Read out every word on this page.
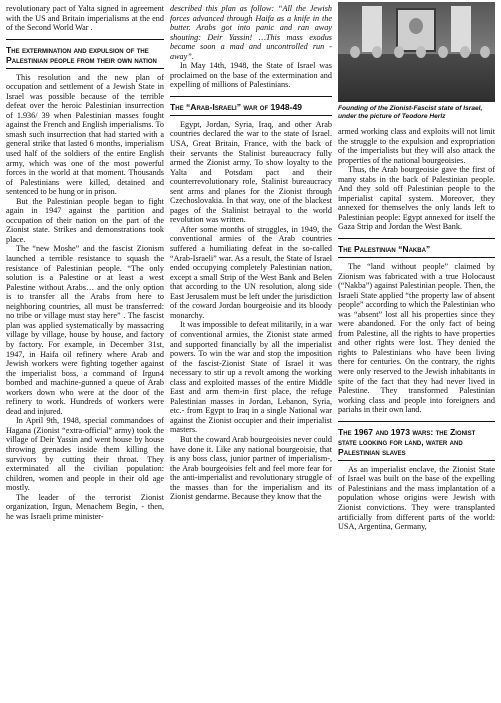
revolutionary pact of Yalta signed in agreement with the US and Britain imperialisms at the end of the Second World War .

The extermination and expulsion of the Palestinian people from their own nation

This resolution and the new plan of occupation and settlement of a Jewish State in Israel was possible because of the terrible defeat over the heroic Palestinian insurrection of 1.936/ 39 when Palestinian masses fought against the French and English imperialisms. To smash such insurrection that had started with a general strike that lasted 6 months, imperialism used half of the soldiers of the entire English army, which was one of the most powerful forces in the world at that moment. Thousands of Palestinians were killed, detained and sentenced to be hung or in prison.

But the Palestinian people began to fight again in 1947 against the partition and occupation of their nation on the part of the Zionist state. Strikes and demonstrations took place.

The “new Moshe” and the fascist Zionism launched a terrible resistance to squash the resistance of Palestinian people. “The only solution is a Palestine or at least a west Palestine without Arabs… and the only option is to transfer all the Arabs from here to neighboring countries, all must be transferred: no tribe or village must stay here” . The fascist plan was applied systematically by massacring village by village, house by house, and factory by factory. For example, in December 31st, 1947, in Haifa oil refinery where Arab and Jewish workers were fighting together against the imperialist boss, a command of Irgun4 bombed and machine-gunned a queue of Arab workers down who were at the door of the refinery to work. Hundreds of workers were dead and injured.

In April 9th, 1948, special commandoes of Hagana (Zionist “extra-official” army) took the village of Deir Yassin and went house by house throwing grenades inside them killing the survivors by cutting their throat. They exterminated all the civilian population: children, women and people in their old age mostly.

The leader of the terrorist Zionist organization, Irgun, Menachem Begin, - then, he was Israeli prime minister-

described this plan as follow: “All the Jewish forces advanced through Haifa as a knife in the butter. Arabs got into panic and ran away shouting: Deir Yassin! …This mass exodus became soon a mad and uncontrolled run - away”.

In May 14th, 1948, the State of Israel was proclaimed on the base of the extermination and expelling of millions of Palestinians.

The “Arab-Israeli” war of 1948-49

Egypt, Jordan, Syria, Iraq, and other Arab countries declared the war to the state of Israel. USA, Great Britain, France, with the back of their servants the Stalinist bureaucracy fully armed the Zionist army. To show loyalty to the Yalta and Potsdam pact and their counterrevolutionary role, Stalinist bureaucracy sent arms and planes for the Zionist through Czechoslovakia. In that way, one of the blackest pages of the Stalinist betrayal to the world revolution was written.

After some months of struggles, in 1949, the conventional armies of the Arab countries suffered a humiliating defeat in the so-called “Arab-Israeli” war. As a result, the State of Israel ended occupying completely Palestinian nation, except a small Strip of the West Bank and Belen that according to the UN resolution, along side East Jerusalem must be left under the jurisdiction of the coward Jordan bourgeoisie and its bloody monarchy.

It was impossible to defeat militarily, in a war of conventional armies, the Zionist state armed and supported financially by all the imperialist powers. To win the war and stop the imposition of the fascist-Zionist State of Israel it was necessary to stir up a revolt among the working class and exploited masses of the entire Middle East and arm them-in first place, the refuge Palestinian masses in Jordan, Lebanon, Syria, etc.- from Egypt to Iraq in a single National war against the Zionist occupier and their imperialist masters.

But the coward Arab bourgeoisies never could have done it. Like any national bourgeoisie, that is any boss class, junior partner of imperialism-, the Arab bourgeoisies felt and feel more fear for the anti-imperialist and revolutionary struggle of the masses than for the imperialism and its Zionist gendarme. Because they know that the

Founding of the Zionist-Fascist state of Israel, under the picture of Teodore Herlz

armed working class and exploits will not limit the struggle to the expulsion and expropriation of the imperialists but they will also attack the properties of the national bourgeoisies.

Thus, the Arab bourgeoisie gave the first of many stabs in the back of Palestinian people. And they sold off Palestinian people to the imperialist capital system. Moreover, they annexed for themselves the only lands left to Palestinian people: Egypt annexed for itself the Gaza Strip and Jordan the West Bank.

The Palestinian “Nakba”

The “land without people” claimed by Zionism was fabricated with a true Holocaust (“Nakba”) against Palestinian people. Then, the Israeli State applied “the property law of absent people” according to which the Palestinian who was “absent” lost all his properties since they were abandoned. For the only fact of being from Palestine, all the rights to have properties and other rights were lost. They denied the rights to Palestinians who have been living there for centuries. On the contrary, the rights were only reserved to the Jewish inhabitants in spite of the fact that they had never lived in Palestine. They transformed Palestinian working class and people into foreigners and pariahs in their own land.

The 1967 and 1973 wars: the Zionist state looking for land, water and Palestinian slaves

As an imperialist enclave, the Zionist State of Israel was built on the base of the expelling of Palestinians and the mass implantation of a population whose origins were Jewish with Zionist convictions. They were transplanted artificially from different parts of the world: USA, Argentina, Germany,
